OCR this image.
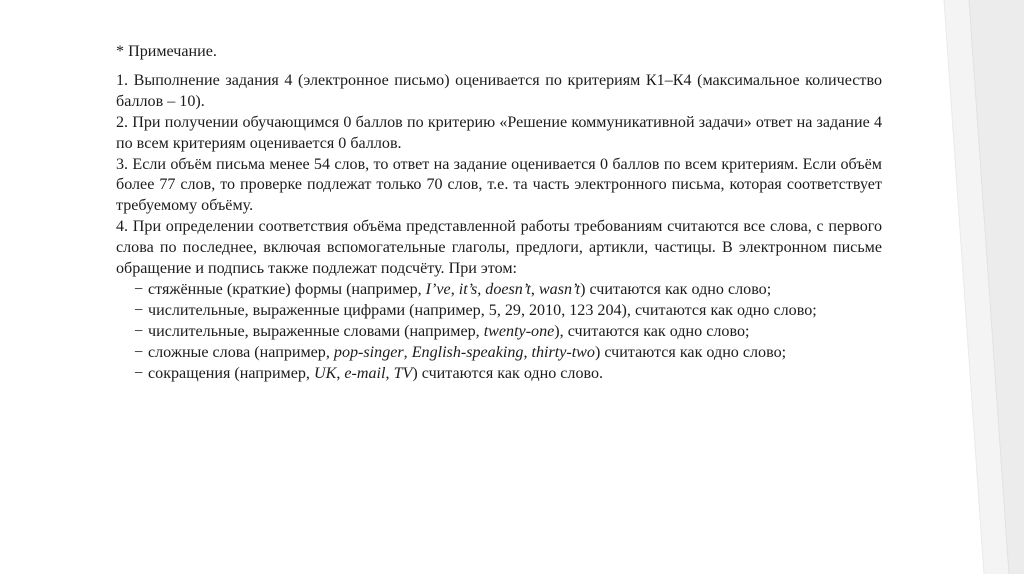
* Примечание.

1. Выполнение задания 4 (электронное письмо) оценивается по критериям К1–К4 (максимальное количество баллов – 10).

2. При получении обучающимся 0 баллов по критерию «Решение коммуникативной задачи» ответ на задание 4 по всем критериям оценивается 0 баллов.

3. Если объём письма менее 54 слов, то ответ на задание оценивается 0 баллов по всем критериям. Если объём более 77 слов, то проверке подлежат только 70 слов, т.е. та часть электронного письма, которая соответствует требуемому объёму.

4. При определении соответствия объёма представленной работы требованиям считаются все слова, с первого слова по последнее, включая вспомогательные глаголы, предлоги, артикли, частицы. В электронном письме обращение и подпись также подлежат подсчёту. При этом:

− стяжённые (краткие) формы (например, I’ve, it’s, doesn’t, wasn’t) считаются как одно слово;

− числительные, выраженные цифрами (например, 5, 29, 2010, 123 204), считаются как одно слово;

− числительные, выраженные словами (например, twenty-one), считаются как одно слово;

− сложные слова (например, pop-singer, English-speaking, thirty-two) считаются как одно слово;

− сокращения (например, UK, e-mail, TV) считаются как одно слово.
